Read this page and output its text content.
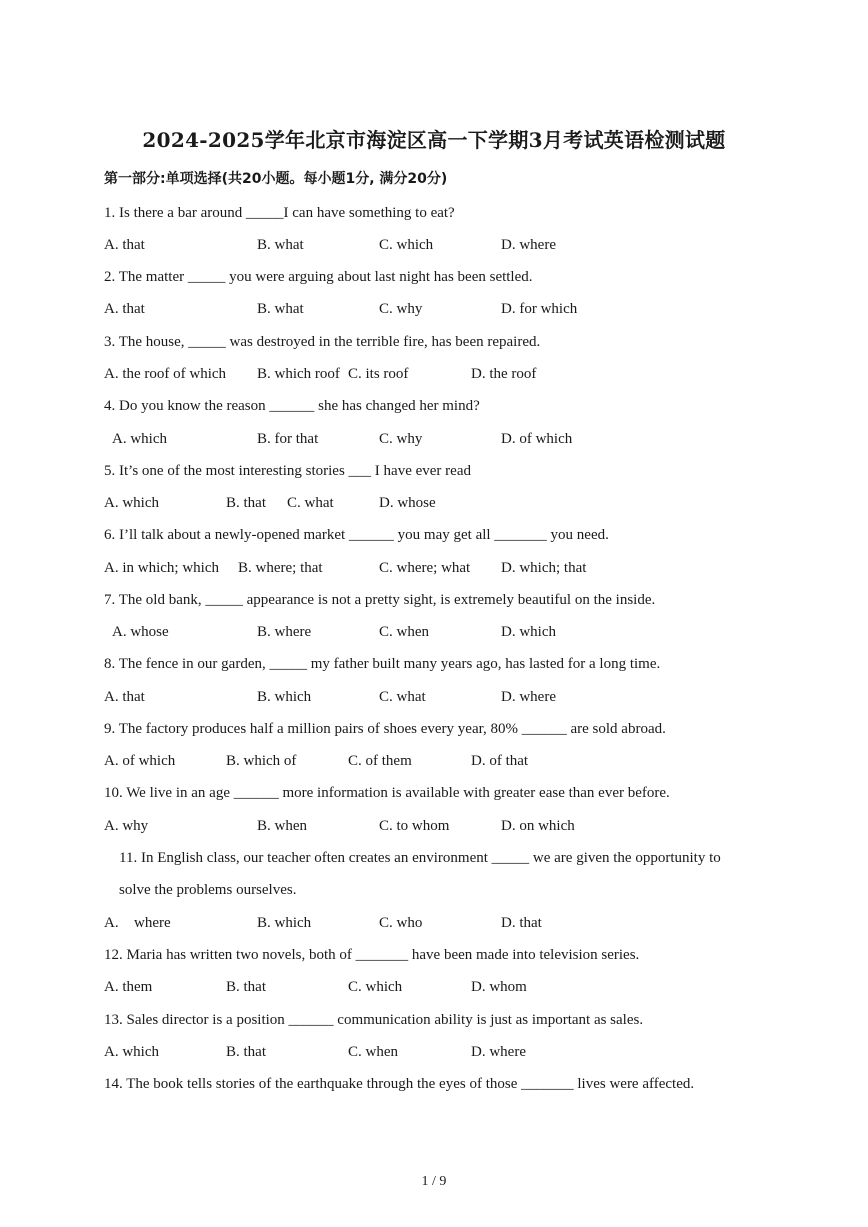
2024-2025学年北京市海淀区高一下学期3月考试英语检测试题
第一部分:单项选择(共20小题。每小题1分, 满分20分)
1. Is there a bar around _____I can have something to eat?
A. that	B. what	C. which	D. where
2. The matter _____ you were arguing about last night has been settled.
A. that	B. what	C. why	D. for which
3. The house, _____ was destroyed in the terrible fire, has been repaired.
A. the roof of which B. which roof C. its roof	D. the roof
4. Do you know the reason ______ she has changed her mind?
A. which	B. for that	C. why	D. of which
5. It’s one of the most interesting stories ___ I have ever read
A. which	B. that C. what	D. whose
6. I’ll talk about a newly-opened market ______ you may get all _______ you need.
A. in which; which B. where; that	C. where; what D. which; that
7. The old bank, _____ appearance is not a pretty sight, is extremely beautiful on the inside.
A. whose	B. where	C. when	D. which
8. The fence in our garden, _____ my father built many years ago, has lasted for a long time.
A. that	B. which	C. what	D. where
9. The factory produces half a million pairs of shoes every year, 80% ______ are sold abroad.
A. of which	B. which of	C. of them	D. of that
10. We live in an age ______ more information is available with greater ease than ever before.
A. why	B. when	C. to whom	D. on which
11. In English class, our teacher often creates an environment _____ we are given the opportunity to
solve the problems ourselves.
A. where	B. which	C. who	D. that
12. Maria has written two novels, both of _______ have been made into television series.
A. them	B. that	C. which	D. whom
13. Sales director is a position ______ communication ability is just as important as sales.
A. which	B. that	C. when	D. where
14. The book tells stories of the earthquake through the eyes of those _______ lives were affected.
1 / 9
